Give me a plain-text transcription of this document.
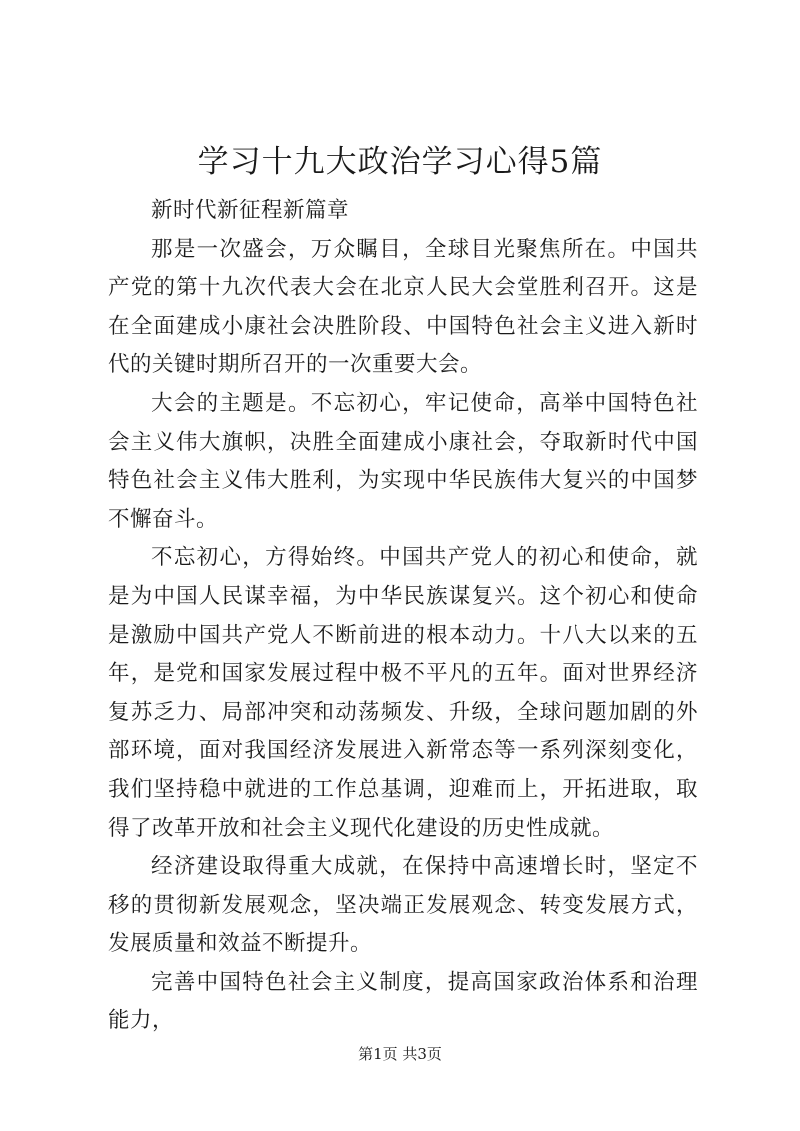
学习十九大政治学习心得5篇

新时代新征程新篇章

那是一次盛会，万众瞩目，全球目光聚焦所在。中国共产党的第十九次代表大会在北京人民大会堂胜利召开。这是在全面建成小康社会决胜阶段、中国特色社会主义进入新时代的关键时期所召开的一次重要大会。

大会的主题是。不忘初心，牢记使命，高举中国特色社会主义伟大旗帜，决胜全面建成小康社会，夺取新时代中国特色社会主义伟大胜利，为实现中华民族伟大复兴的中国梦不懈奋斗。

不忘初心，方得始终。中国共产党人的初心和使命，就是为中国人民谋幸福，为中华民族谋复兴。这个初心和使命是激励中国共产党人不断前进的根本动力。十八大以来的五年，是党和国家发展过程中极不平凡的五年。面对世界经济复苏乏力、局部冲突和动荡频发、升级，全球问题加剧的外部环境，面对我国经济发展进入新常态等一系列深刻变化，我们坚持稳中就进的工作总基调，迎难而上，开拓进取，取得了改革开放和社会主义现代化建设的历史性成就。

经济建设取得重大成就，在保持中高速增长时，坚定不移的贯彻新发展观念，坚决端正发展观念、转变发展方式，发展质量和效益不断提升。

完善中国特色社会主义制度，提高国家政治体系和治理能力，

第1页 共3页
